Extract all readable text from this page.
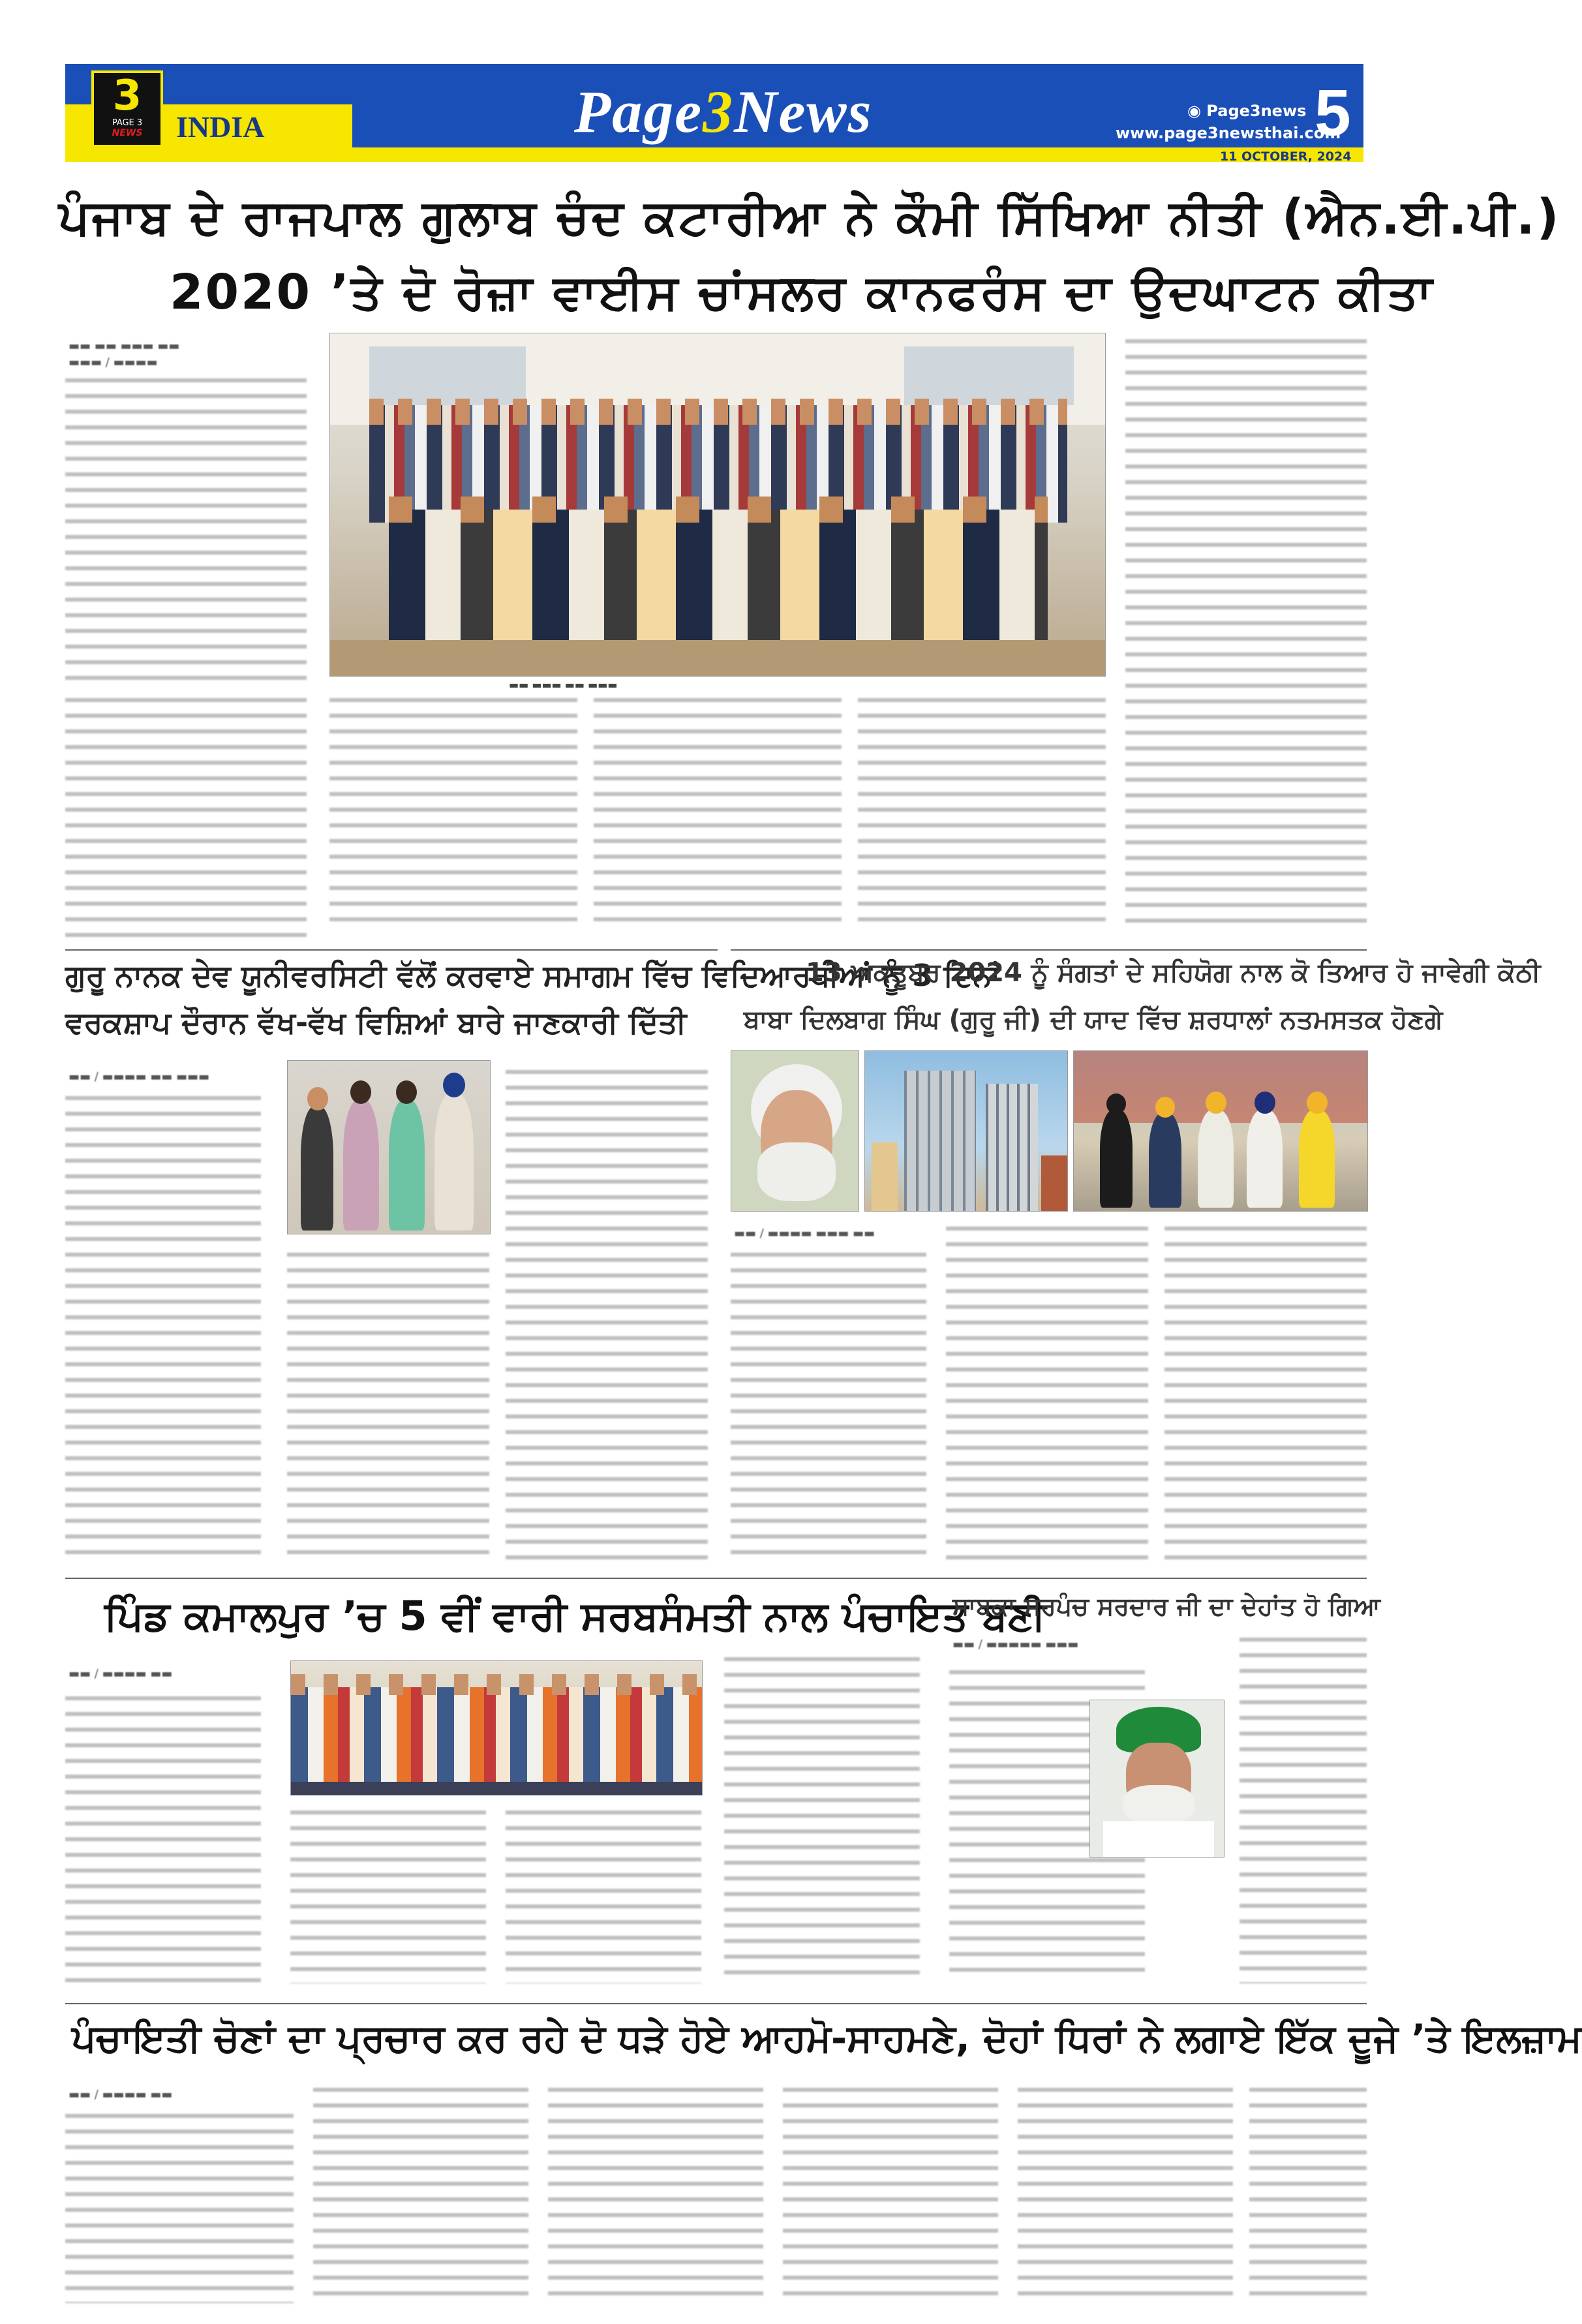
3
PAGE 3
NEWS	INDIA	Page3News	◉ Page3news
www.page3newsthai.com
5
11 OCTOBER, 2024
ਪੰਜਾਬ ਦੇ ਰਾਜਪਾਲ ਗੁਲਾਬ ਚੰਦ ਕਟਾਰੀਆ ਨੇ ਕੌਮੀ ਸਿੱਖਿਆ ਨੀਤੀ (ਐਨ.ਈ.ਪੀ.)
2020 ’ਤੇ ਦੋ ਰੋਜ਼ਾ ਵਾਈਸ ਚਾਂਸਲਰ ਕਾਨਫਰੰਸ ਦਾ ਉਦਘਾਟਨ ਕੀਤਾ
▬▬ ▬▬ ▬▬▬ ▬▬
▬▬▬ / ▬▬▬▬
▬▬ ▬▬▬ ▬▬ ▬▬▬
ਗੁਰੂ ਨਾਨਕ ਦੇਵ ਯੂਨੀਵਰਸਿਟੀ ਵੱਲੋਂ ਕਰਵਾਏ ਸਮਾਗਮ ਵਿੱਚ ਵਿਦਿਆਰਥੀਆਂ ਨੂੰ 3 ਦਿਨਾਂ
ਵਰਕਸ਼ਾਪ ਦੌਰਾਨ ਵੱਖ-ਵੱਖ ਵਿਸ਼ਿਆਂ ਬਾਰੇ ਜਾਣਕਾਰੀ ਦਿੱਤੀ
▬▬ / ▬▬▬▬ ▬▬ ▬▬▬
13 ਅਕਤੂਬਰ 2024 ਨੂੰ ਸੰਗਤਾਂ ਦੇ ਸਹਿਯੋਗ ਨਾਲ ਕੋ ਤਿਆਰ ਹੋ ਜਾਵੇਗੀ ਕੋਠੀ
ਬਾਬਾ ਦਿਲਬਾਗ ਸਿੰਘ (ਗੁਰੂ ਜੀ) ਦੀ ਯਾਦ ਵਿੱਚ ਸ਼ਰਧਾਲਾਂ ਨਤਮਸਤਕ ਹੋਣਗੇ
▬▬ / ▬▬▬▬ ▬▬▬ ▬▬
ਪਿੰਡ ਕਮਾਲਪੁਰ ’ਚ 5 ਵੀਂ ਵਾਰੀ ਸਰਬਸੰਮਤੀ ਨਾਲ ਪੰਚਾਇਤ ਬਣੀ
▬▬ / ▬▬▬▬ ▬▬
ਸਾਬਕਾ ਸਰਪੰਚ ਸਰਦਾਰ ਜੀ ਦਾ ਦੇਹਾਂਤ ਹੋ ਗਿਆ
▬▬ / ▬▬▬▬▬ ▬▬▬
ਪੰਚਾਇਤੀ ਚੋਣਾਂ ਦਾ ਪ੍ਰਚਾਰ ਕਰ ਰਹੇ ਦੋ ਧੜੇ ਹੋਏ ਆਹਮੋ-ਸਾਹਮਣੇ, ਦੋਹਾਂ ਧਿਰਾਂ ਨੇ ਲਗਾਏ ਇੱਕ ਦੂਜੇ ’ਤੇ ਇਲਜ਼ਾਮ
▬▬ / ▬▬▬▬ ▬▬
